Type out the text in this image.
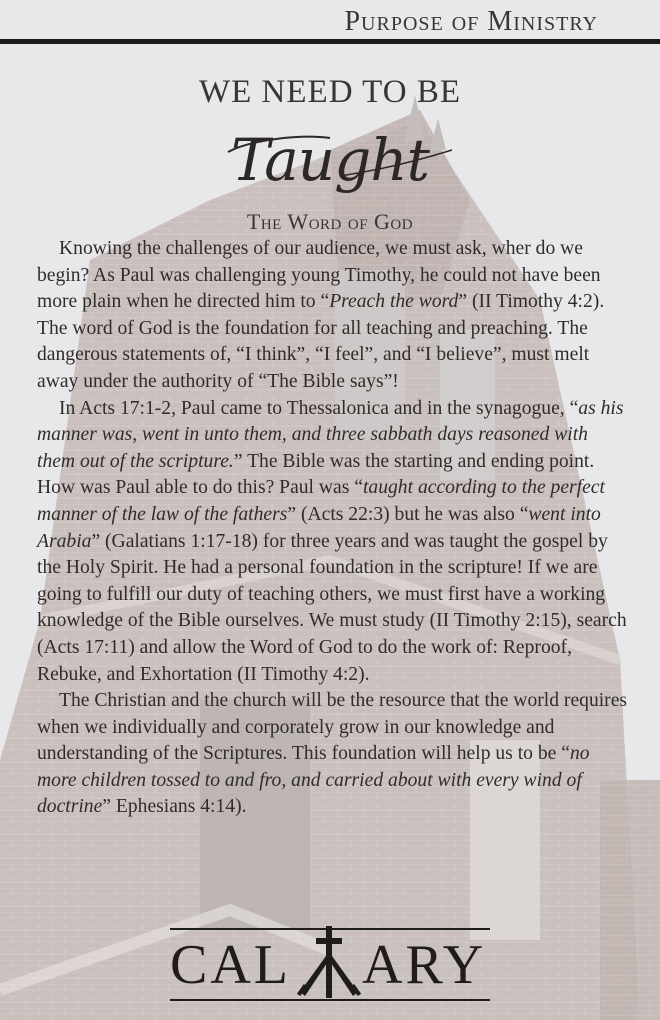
Purpose of Ministry
WE NEED TO BE
Taught
The Word of God

Knowing the challenges of our audience, we must ask, wher do we begin? As Paul was challenging young Timothy, he could not have been more plain when he directed him to “Preach the word” (II Timothy 4:2). The word of God is the foundation for all teaching and preaching. The dangerous statements of, “I think”, “I feel”, and “I believe”, must melt away under the authority of “The Bible says”!

In Acts 17:1-2, Paul came to Thessalonica and in the synagogue, “as his manner was, went in unto them, and three sabbath days reasoned with them out of the scripture.” The Bible was the starting and ending point. How was Paul able to do this? Paul was “taught according to the perfect manner of the law of the fathers” (Acts 22:3) but he was also “went into Arabia” (Galatians 1:17-18) for three years and was taught the gospel by the Holy Spirit. He had a personal foundation in the scripture! If we are going to fulfill our duty of teaching others, we must first have a working knowledge of the Bible ourselves. We must study (II Timothy 2:15), search (Acts 17:11) and allow the Word of God to do the work of: Reproof, Rebuke, and Exhortation (II Timothy 4:2).

The Christian and the church will be the resource that the world requires when we individually and corporately grow in our knowledge and understanding of the Scriptures. This foundation will help us to be “no more children tossed to and fro, and carried about with every wind of doctrine” Ephesians 4:14).

CAL ARY
